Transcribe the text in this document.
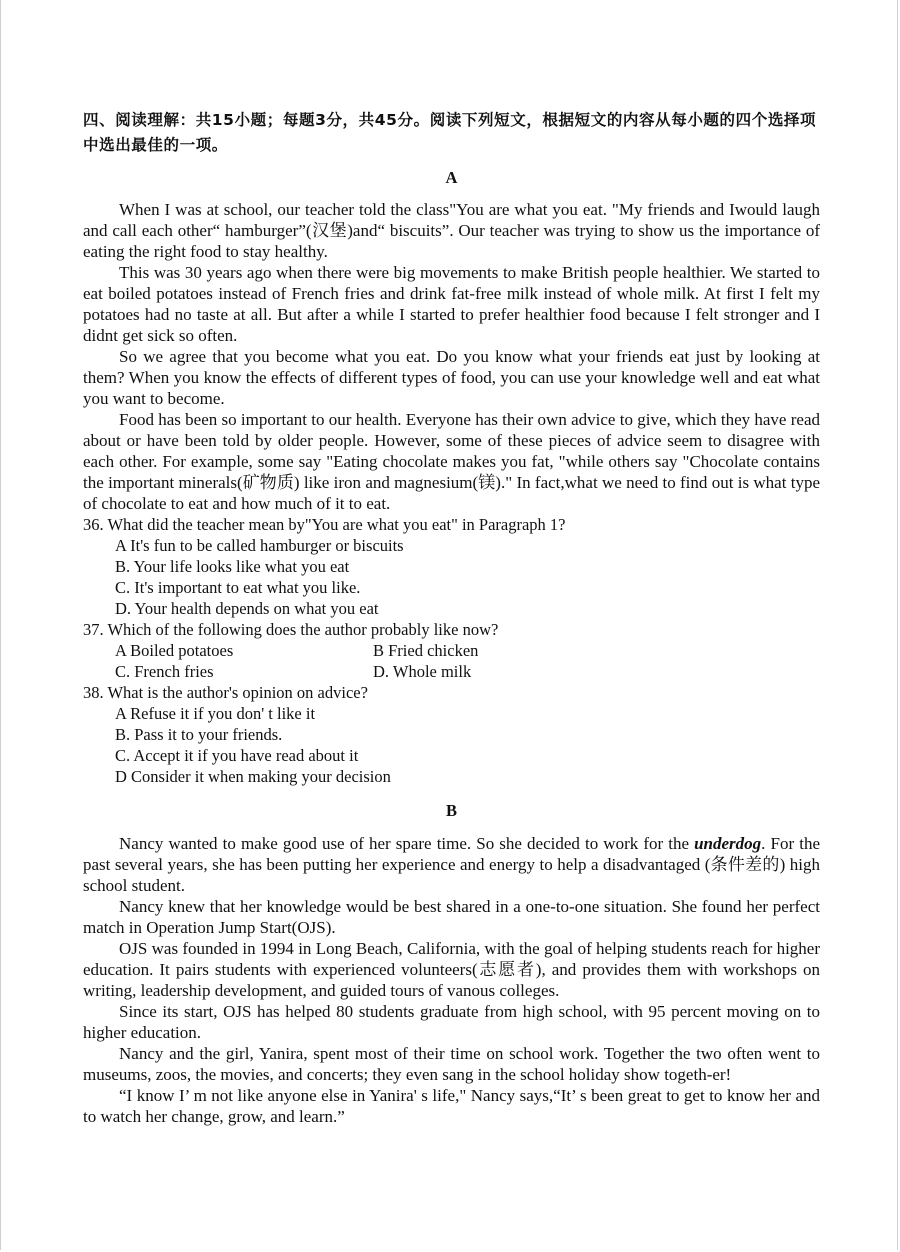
四、阅读理解：共15小题；每题3分，共45分。阅读下列短文，根据短文的内容从每小题的四个选择项中选出最佳的一项。
A

When I was at school, our teacher told the class"You are what you eat. "My friends and Iwould laugh and call each other“ hamburger”(汉堡)and“ biscuits”. Our teacher was trying to show us the importance of eating the right food to stay healthy.

This was 30 years ago when there were big movements to make British people healthier. We started to eat boiled potatoes instead of French fries and drink fat-free milk instead of whole milk. At first I felt my potatoes had no taste at all. But after a while I started to prefer healthier food because I felt stronger and I didnt get sick so often.

So we agree that you become what you eat. Do you know what your friends eat just by looking at them? When you know the effects of different types of food, you can use your knowledge well and eat what you want to become.

Food has been so important to our health. Everyone has their own advice to give, which they have read about or have been told by older people. However, some of these pieces of advice seem to disagree with each other. For example, some say "Eating chocolate makes you fat, "while others say "Chocolate contains the important minerals(矿物质) like iron and magnesium(镁)." In fact,what we need to find out is what type of chocolate to eat and how much of it to eat.

36. What did the teacher mean by"You are what you eat" in Paragraph 1?
A It's fun to be called hamburger or biscuits
B. Your life looks like what you eat
C. It's important to eat what you like.
D. Your health depends on what you eat
37. Which of the following does the author probably like now?
A Boiled potatoes	B Fried chicken
C. French fries	D. Whole milk
38. What is the author's opinion on advice?
A Refuse it if you don' t like it
B. Pass it to your friends.
C. Accept it if you have read about it
D Consider it when making your decision
B

Nancy wanted to make good use of her spare time. So she decided to work for the underdog. For the past several years, she has been putting her experience and energy to help a disadvantaged (条件差的) high school student.

Nancy knew that her knowledge would be best shared in a one-to-one situation. She found her perfect match in Operation Jump Start(OJS).

OJS was founded in 1994 in Long Beach, California, with the goal of helping students reach for higher education. It pairs students with experienced volunteers(志愿者), and provides them with workshops on writing, leadership development, and guided tours of vanous colleges.

Since its start, OJS has helped 80 students graduate from high school, with 95 percent moving on to higher education.

Nancy and the girl, Yanira, spent most of their time on school work. Together the two often went to museums, zoos, the movies, and concerts; they even sang in the school holiday show togeth-er!

“I know I’ m not like anyone else in Yanira' s life," Nancy says,“It’ s been great to get to know her and to watch her change, grow, and learn.”
